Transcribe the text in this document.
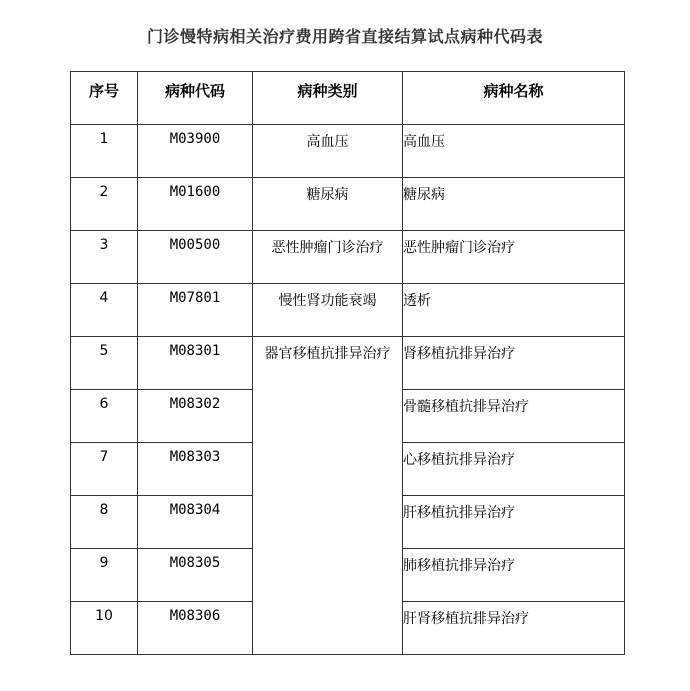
门诊慢特病相关治疗费用跨省直接结算试点病种代码表
序号	病种代码	病种类别	病种名称
1	M03900	高血压	高血压
2	M01600	糖尿病	糖尿病
3	M00500	恶性肿瘤门诊治疗	恶性肿瘤门诊治疗
4	M07801	慢性肾功能衰竭	透析
5	M08301	器官移植抗排异治疗	肾移植抗排异治疗
6	M08302		骨髓移植抗排异治疗
7	M08303		心移植抗排异治疗
8	M08304		肝移植抗排异治疗
9	M08305		肺移植抗排异治疗
10	M08306		肝肾移植抗排异治疗
